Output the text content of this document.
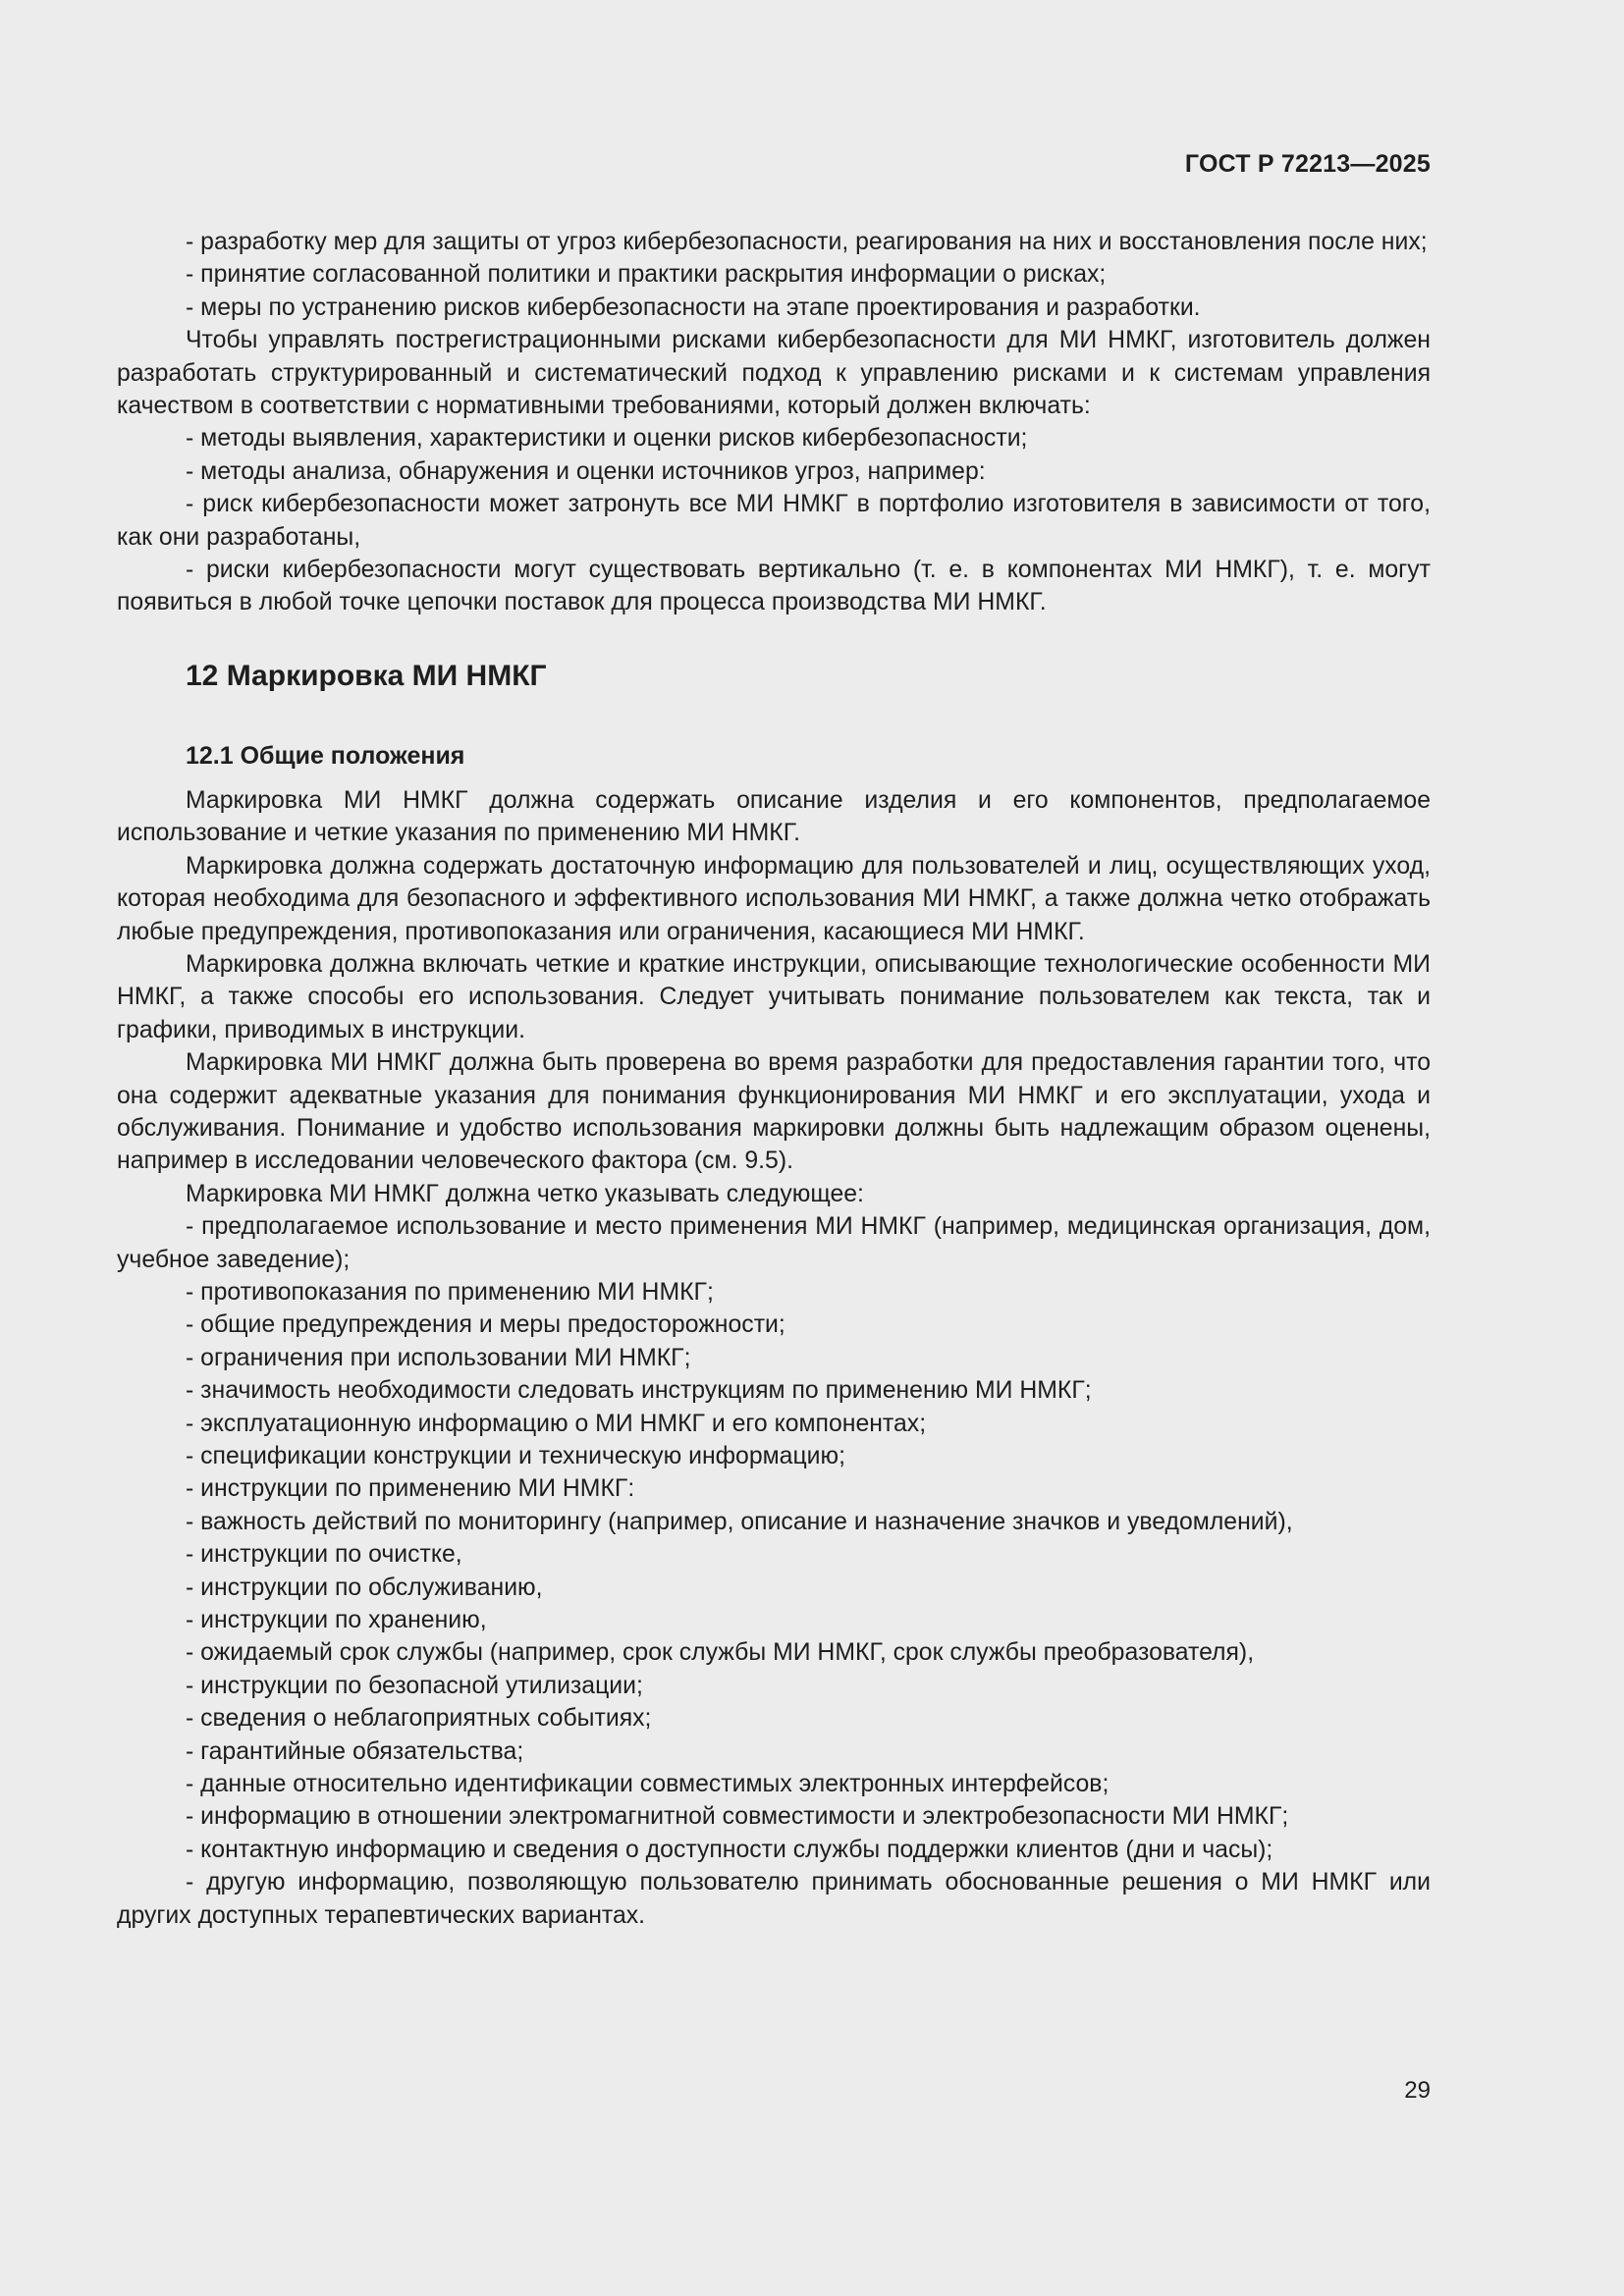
ГОСТ Р 72213—2025

- разработку мер для защиты от угроз кибербезопасности, реагирования на них и восстановления после них;

- принятие согласованной политики и практики раскрытия информации о рисках;

- меры по устранению рисков кибербезопасности на этапе проектирования и разработки.

Чтобы управлять пострегистрационными рисками кибербезопасности для МИ НМКГ, изготовитель должен разработать структурированный и систематический подход к управлению рисками и к системам управления качеством в соответствии с нормативными требованиями, который должен включать:

- методы выявления, характеристики и оценки рисков кибербезопасности;

- методы анализа, обнаружения и оценки источников угроз, например:

- риск кибербезопасности может затронуть все МИ НМКГ в портфолио изготовителя в зависимости от того, как они разработаны,

- риски кибербезопасности могут существовать вертикально (т. е. в компонентах МИ НМКГ), т. е. могут появиться в любой точке цепочки поставок для процесса производства МИ НМКГ.

12 Маркировка МИ НМКГ
12.1 Общие положения

Маркировка МИ НМКГ должна содержать описание изделия и его компонентов, предполагаемое использование и четкие указания по применению МИ НМКГ.

Маркировка должна содержать достаточную информацию для пользователей и лиц, осуществляющих уход, которая необходима для безопасного и эффективного использования МИ НМКГ, а также должна четко отображать любые предупреждения, противопоказания или ограничения, касающиеся МИ НМКГ.

Маркировка должна включать четкие и краткие инструкции, описывающие технологические особенности МИ НМКГ, а также способы его использования. Следует учитывать понимание пользователем как текста, так и графики, приводимых в инструкции.

Маркировка МИ НМКГ должна быть проверена во время разработки для предоставления гарантии того, что она содержит адекватные указания для понимания функционирования МИ НМКГ и его эксплуатации, ухода и обслуживания. Понимание и удобство использования маркировки должны быть надлежащим образом оценены, например в исследовании человеческого фактора (см. 9.5).

Маркировка МИ НМКГ должна четко указывать следующее:

- предполагаемое использование и место применения МИ НМКГ (например, медицинская организация, дом, учебное заведение);

- противопоказания по применению МИ НМКГ;

- общие предупреждения и меры предосторожности;

- ограничения при использовании МИ НМКГ;

- значимость необходимости следовать инструкциям по применению МИ НМКГ;

- эксплуатационную информацию о МИ НМКГ и его компонентах;

- спецификации конструкции и техническую информацию;

- инструкции по применению МИ НМКГ:

- важность действий по мониторингу (например, описание и назначение значков и уведомлений),

- инструкции по очистке,

- инструкции по обслуживанию,

- инструкции по хранению,

- ожидаемый срок службы (например, срок службы МИ НМКГ, срок службы преобразователя),

- инструкции по безопасной утилизации;

- сведения о неблагоприятных событиях;

- гарантийные обязательства;

- данные относительно идентификации совместимых электронных интерфейсов;

- информацию в отношении электромагнитной совместимости и электробезопасности МИ НМКГ;

- контактную информацию и сведения о доступности службы поддержки клиентов (дни и часы);

- другую информацию, позволяющую пользователю принимать обоснованные решения о МИ НМКГ или других доступных терапевтических вариантах.

29
